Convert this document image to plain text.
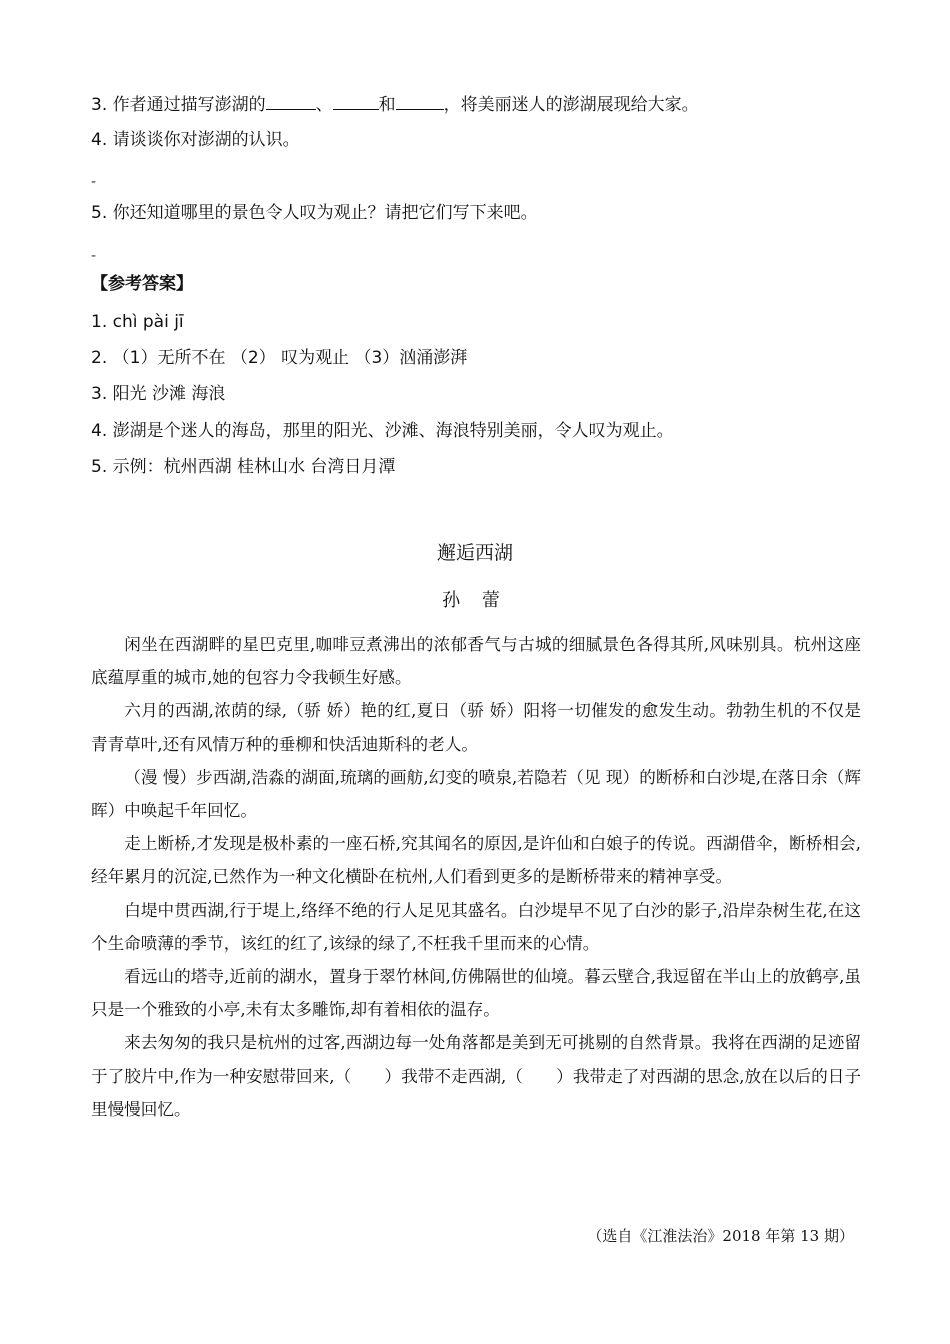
3. 作者通过描写澎湖的	、	和	，将美丽迷人的澎湖展现给大家。
4. 请谈谈你对澎湖的认识。
-
5. 你还知道哪里的景色令人叹为观止？请把它们写下来吧。
-
【参考答案】
1. chì pài jī
2. （1）无所不在 （2） 叹为观止 （3）汹涌澎湃
3. 阳光 沙滩 海浪
4. 澎湖是个迷人的海岛，那里的阳光、沙滩、海浪特别美丽，令人叹为观止。
5. 示例：杭州西湖 桂林山水 台湾日月潭
邂逅西湖
孙 蕾

闲坐在西湖畔的星巴克里,咖啡豆煮沸出的浓郁香气与古城的细腻景色各得其所,风味别具。杭州这座底蕴厚重的城市,她的包容力令我顿生好感。

六月的西湖,浓荫的绿,（骄 娇）艳的红,夏日（骄 娇）阳将一切催发的愈发生动。勃勃生机的不仅是青青草叶,还有风情万种的垂柳和快活迪斯科的老人。

（漫 慢）步西湖,浩淼的湖面,琉璃的画舫,幻变的喷泉,若隐若（见 现）的断桥和白沙堤,在落日余（辉 晖）中唤起千年回忆。

走上断桥,才发现是极朴素的一座石桥,究其闻名的原因,是许仙和白娘子的传说。西湖借伞，断桥相会,经年累月的沉淀,已然作为一种文化横卧在杭州,人们看到更多的是断桥带来的精神享受。

白堤中贯西湖,行于堤上,络绎不绝的行人足见其盛名。白沙堤早不见了白沙的影子,沿岸杂树生花,在这个生命喷薄的季节，该红的红了,该绿的绿了,不枉我千里而来的心情。

看远山的塔寺,近前的湖水，置身于翠竹林间,仿佛隔世的仙境。暮云壁合,我逗留在半山上的放鹤亭,虽只是一个雅致的小亭,未有太多雕饰,却有着相依的温存。

来去匆匆的我只是杭州的过客,西湖边每一处角落都是美到无可挑剔的自然背景。我将在西湖的足迹留于了胶片中,作为一种安慰带回来,（　　）我带不走西湖,（　　）我带走了对西湖的思念,放在以后的日子里慢慢回忆。

（选自《江淮法治》2018 年第 13 期）
